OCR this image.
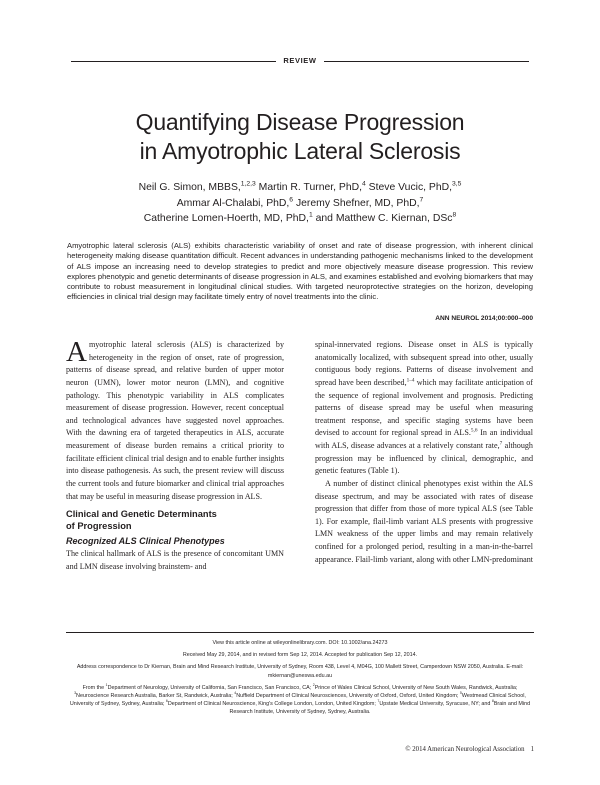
REVIEW
Quantifying Disease Progression
in Amyotrophic Lateral Sclerosis
Neil G. Simon, MBBS,$^{1,2,3}$ Martin R. Turner, PhD,$^4$ Steve Vucic, PhD,$^{3,5}$
Ammar Al-Chalabi, PhD,$^6$ Jeremy Shefner, MD, PhD,$^7$
Catherine Lomen-Hoerth, MD, PhD,$^1$ and Matthew C. Kiernan, DSc$^8$
Amyotrophic lateral sclerosis (ALS) exhibits characteristic variability of onset and rate of disease progression, with inherent clinical heterogeneity making disease quantitation difficult. Recent advances in understanding pathogenic mechanisms linked to the development of ALS impose an increasing need to develop strategies to predict and more objectively measure disease progression. This review explores phenotypic and genetic determinants of disease progression in ALS, and examines established and evolving biomarkers that may contribute to robust measurement in longitudinal clinical studies. With targeted neuroprotective strategies on the horizon, developing efficiencies in clinical trial design may facilitate timely entry of novel treatments into the clinic.
ANN NEUROL 2014;00:000–000

Amyotrophic lateral sclerosis (ALS) is characterized by heterogeneity in the region of onset, rate of progression, patterns of disease spread, and relative burden of upper motor neuron (UMN), lower motor neuron (LMN), and cognitive pathology. This phenotypic variability in ALS complicates measurement of disease progression. However, recent conceptual and technological advances have suggested novel approaches. With the dawning era of targeted therapeutics in ALS, accurate measurement of disease burden remains a critical priority to facilitate efficient clinical trial design and to enable further insights into disease pathogenesis. As such, the present review will discuss the current tools and future biomarker and clinical trial approaches that may be useful in measuring disease progression in ALS.

Clinical and Genetic Determinants
of Progression

Recognized ALS Clinical Phenotypes

The clinical hallmark of ALS is the presence of concomitant UMN and LMN disease involving brainstem- and

spinal-innervated regions. Disease onset in ALS is typically anatomically localized, with subsequent spread into other, usually contiguous body regions. Patterns of disease involvement and spread have been described,$^{1-4}$ which may facilitate anticipation of the sequence of regional involvement and prognosis. Predicting patterns of disease spread may be useful when measuring treatment response, and specific staging systems have been devised to account for regional spread in ALS.$^{5,6}$ In an individual with ALS, disease advances at a relatively constant rate,$^7$ although progression may be influenced by clinical, demographic, and genetic features (Table 1).

A number of distinct clinical phenotypes exist within the ALS disease spectrum, and may be associated with rates of disease progression that differ from those of more typical ALS (see Table 1). For example, flail-limb variant ALS presents with progressive LMN weakness of the upper limbs and may remain relatively confined for a prolonged period, resulting in a man-in-the-barrel appearance. Flail-limb variant, along with other LMN-predominant

View this article online at wileyonlinelibrary.com. DOI: 10.1002/ana.24273

Received May 29, 2014, and in revised form Sep 12, 2014. Accepted for publication Sep 12, 2014.

Address correspondence to Dr Kiernan, Brain and Mind Research Institute, University of Sydney, Room 438, Level 4, M04G, 100 Mallett Street, Camperdown NSW 2050, Australia. E-mail: mkiernan@uneswa.edu.au

From the $^1$Department of Neurology, University of California, San Francisco, San Francisco, CA; $^2$Prince of Wales Clinical School, University of New South Wales, Randwick, Australia; $^3$Neuroscience Research Australia, Barker St, Randwick, Australia; $^4$Nuffield Department of Clinical Neurosciences, University of Oxford, Oxford, United Kingdom; $^5$Westmead Clinical School, University of Sydney, Sydney, Australia; $^6$Department of Clinical Neuroscience, King's College London, London, United Kingdom; $^7$Upstate Medical University, Syracuse, NY; and $^8$Brain and Mind Research Institute, University of Sydney, Sydney, Australia.

© 2014 American Neurological Association 1
